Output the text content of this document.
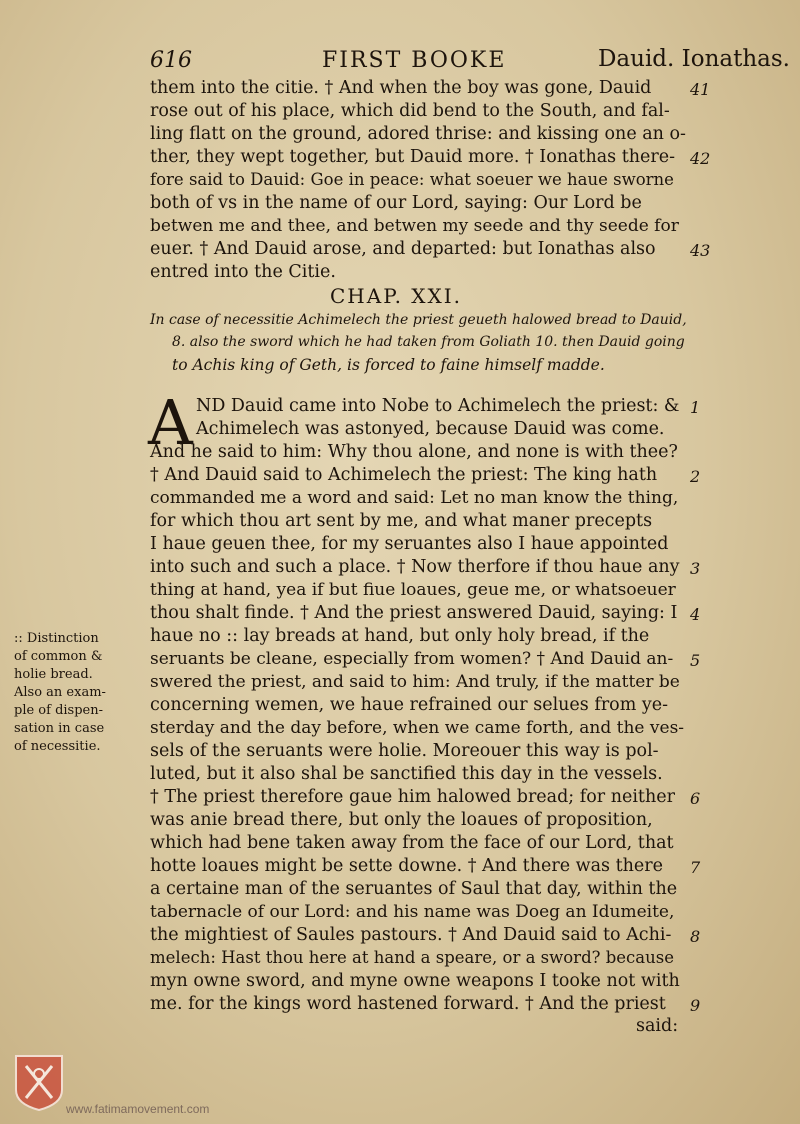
616	FIRST BOOKE	Dauid. Ionathas.
them into the citie. † And when the boy was gone, Dauid
rose out of his place, which did bend to the South, and fal-
ling flatt on the ground, adored thrise: and kissing one an o-
ther, they wept together, but Dauid more. † Ionathas there-
fore said to Dauid: Goe in peace: what soeuer we haue sworne
both of vs in the name of our Lord, saying: Our Lord be
betwen me and thee, and betwen my seede and thy seede for
euer. † And Dauid arose, and departed: but Ionathas also
entred into the Citie.
41
42
43
CHAP. XXI.
In case of necessitie Achimelech the priest geueth halowed bread to Dauid,
8. also the sword which he had taken from Goliath 10. then Dauid going
to Achis king of Geth, is forced to faine himself madde.
A ND Dauid came into Nobe to Achimelech the priest: &
Achimelech was astonyed, because Dauid was come.
And he said to him: Why thou alone, and none is with thee?
† And Dauid said to Achimelech the priest: The king hath
commanded me a word and said: Let no man know the thing,
for which thou art sent by me, and what maner precepts
I haue geuen thee, for my seruantes also I haue appointed
into such and such a place. † Now therfore if thou haue any
thing at hand, yea if but fiue loaues, geue me, or whatsoeuer
thou shalt finde. † And the priest answered Dauid, saying: I
haue no :: lay breads at hand, but only holy bread, if the
seruants be cleane, especially from women? † And Dauid an-
swered the priest, and said to him: And truly, if the matter be
concerning wemen, we haue refrained our selues from ye-
sterday and the day before, when we came forth, and the ves-
sels of the seruants were holie. Moreouer this way is pol-
luted, but it also shal be sanctified this day in the vessels.
† The priest therefore gaue him halowed bread; for neither
was anie bread there, but only the loaues of proposition,
which had bene taken away from the face of our Lord, that
hotte loaues might be sette downe. † And there was there
a certaine man of the seruantes of Saul that day, within the
tabernacle of our Lord: and his name was Doeg an Idumeite,
the mightiest of Saules pastours. † And Dauid said to Achi-
melech: Hast thou here at hand a speare, or a sword? because
myn owne sword, and myne owne weapons I tooke not with
me. for the kings word hastened forward. † And the priest
1
2
3
4
5
6
7
8
9
:: Distinction
of common &
holie bread.
Also an exam-
ple of dispen-
sation in case
of necessitie.
said:
www.fatimamovement.com
